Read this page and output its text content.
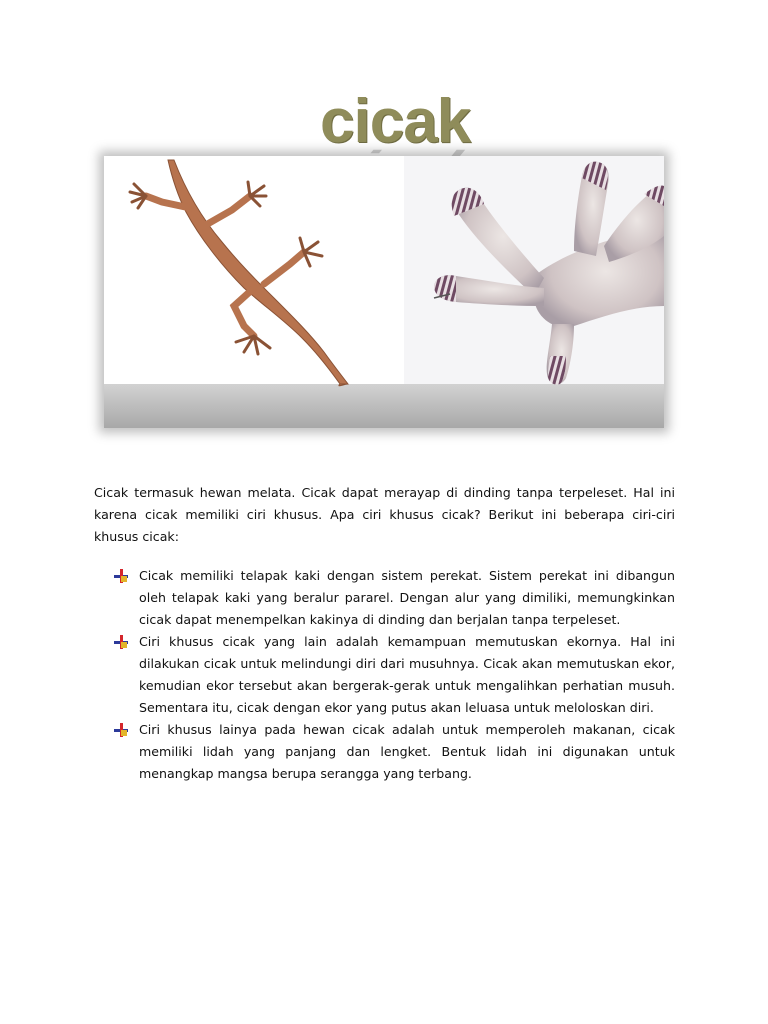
cicak

Cicak termasuk hewan melata. Cicak dapat merayap di dinding tanpa terpeleset. Hal ini karena cicak memiliki ciri khusus. Apa ciri khusus cicak? Berikut ini beberapa ciri-ciri khusus cicak:

Cicak memiliki telapak kaki dengan sistem perekat. Sistem perekat ini dibangun oleh telapak kaki yang beralur pararel. Dengan alur yang dimiliki, memungkinkan cicak dapat menempelkan kakinya di dinding dan berjalan tanpa terpeleset.
Ciri khusus cicak yang lain adalah kemampuan memutuskan ekornya. Hal ini dilakukan cicak untuk melindungi diri dari musuhnya. Cicak akan memutuskan ekor, kemudian ekor tersebut akan bergerak-gerak untuk mengalihkan perhatian musuh. Sementara itu, cicak dengan ekor yang putus akan leluasa untuk meloloskan diri.
Ciri khusus lainya pada hewan cicak adalah untuk memperoleh makanan, cicak memiliki lidah yang panjang dan lengket. Bentuk lidah ini digunakan untuk menangkap mangsa berupa serangga yang terbang.
